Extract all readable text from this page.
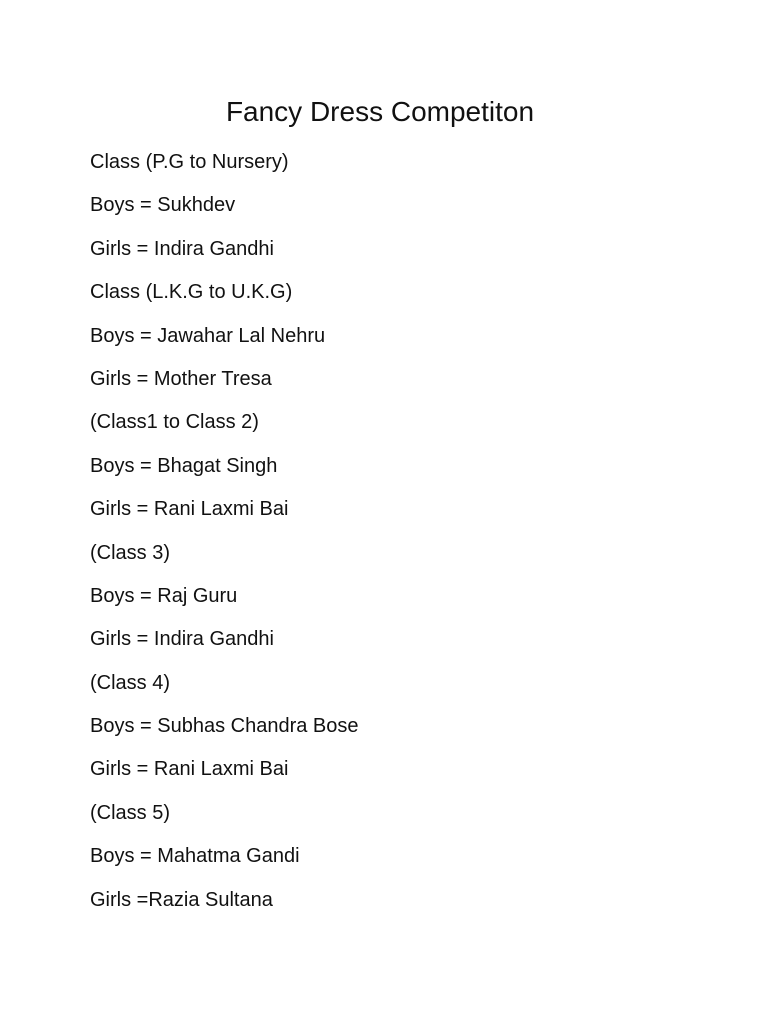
Fancy Dress Competiton
Class (P.G to Nursery)
Boys = Sukhdev
Girls = Indira Gandhi
Class (L.K.G to U.K.G)
Boys = Jawahar Lal Nehru
Girls = Mother Tresa
(Class1 to Class 2)
Boys = Bhagat Singh
Girls = Rani Laxmi Bai
(Class 3)
Boys = Raj Guru
Girls = Indira Gandhi
(Class 4)
Boys = Subhas Chandra Bose
Girls = Rani Laxmi Bai
(Class 5)
Boys = Mahatma Gandi
Girls =Razia Sultana
